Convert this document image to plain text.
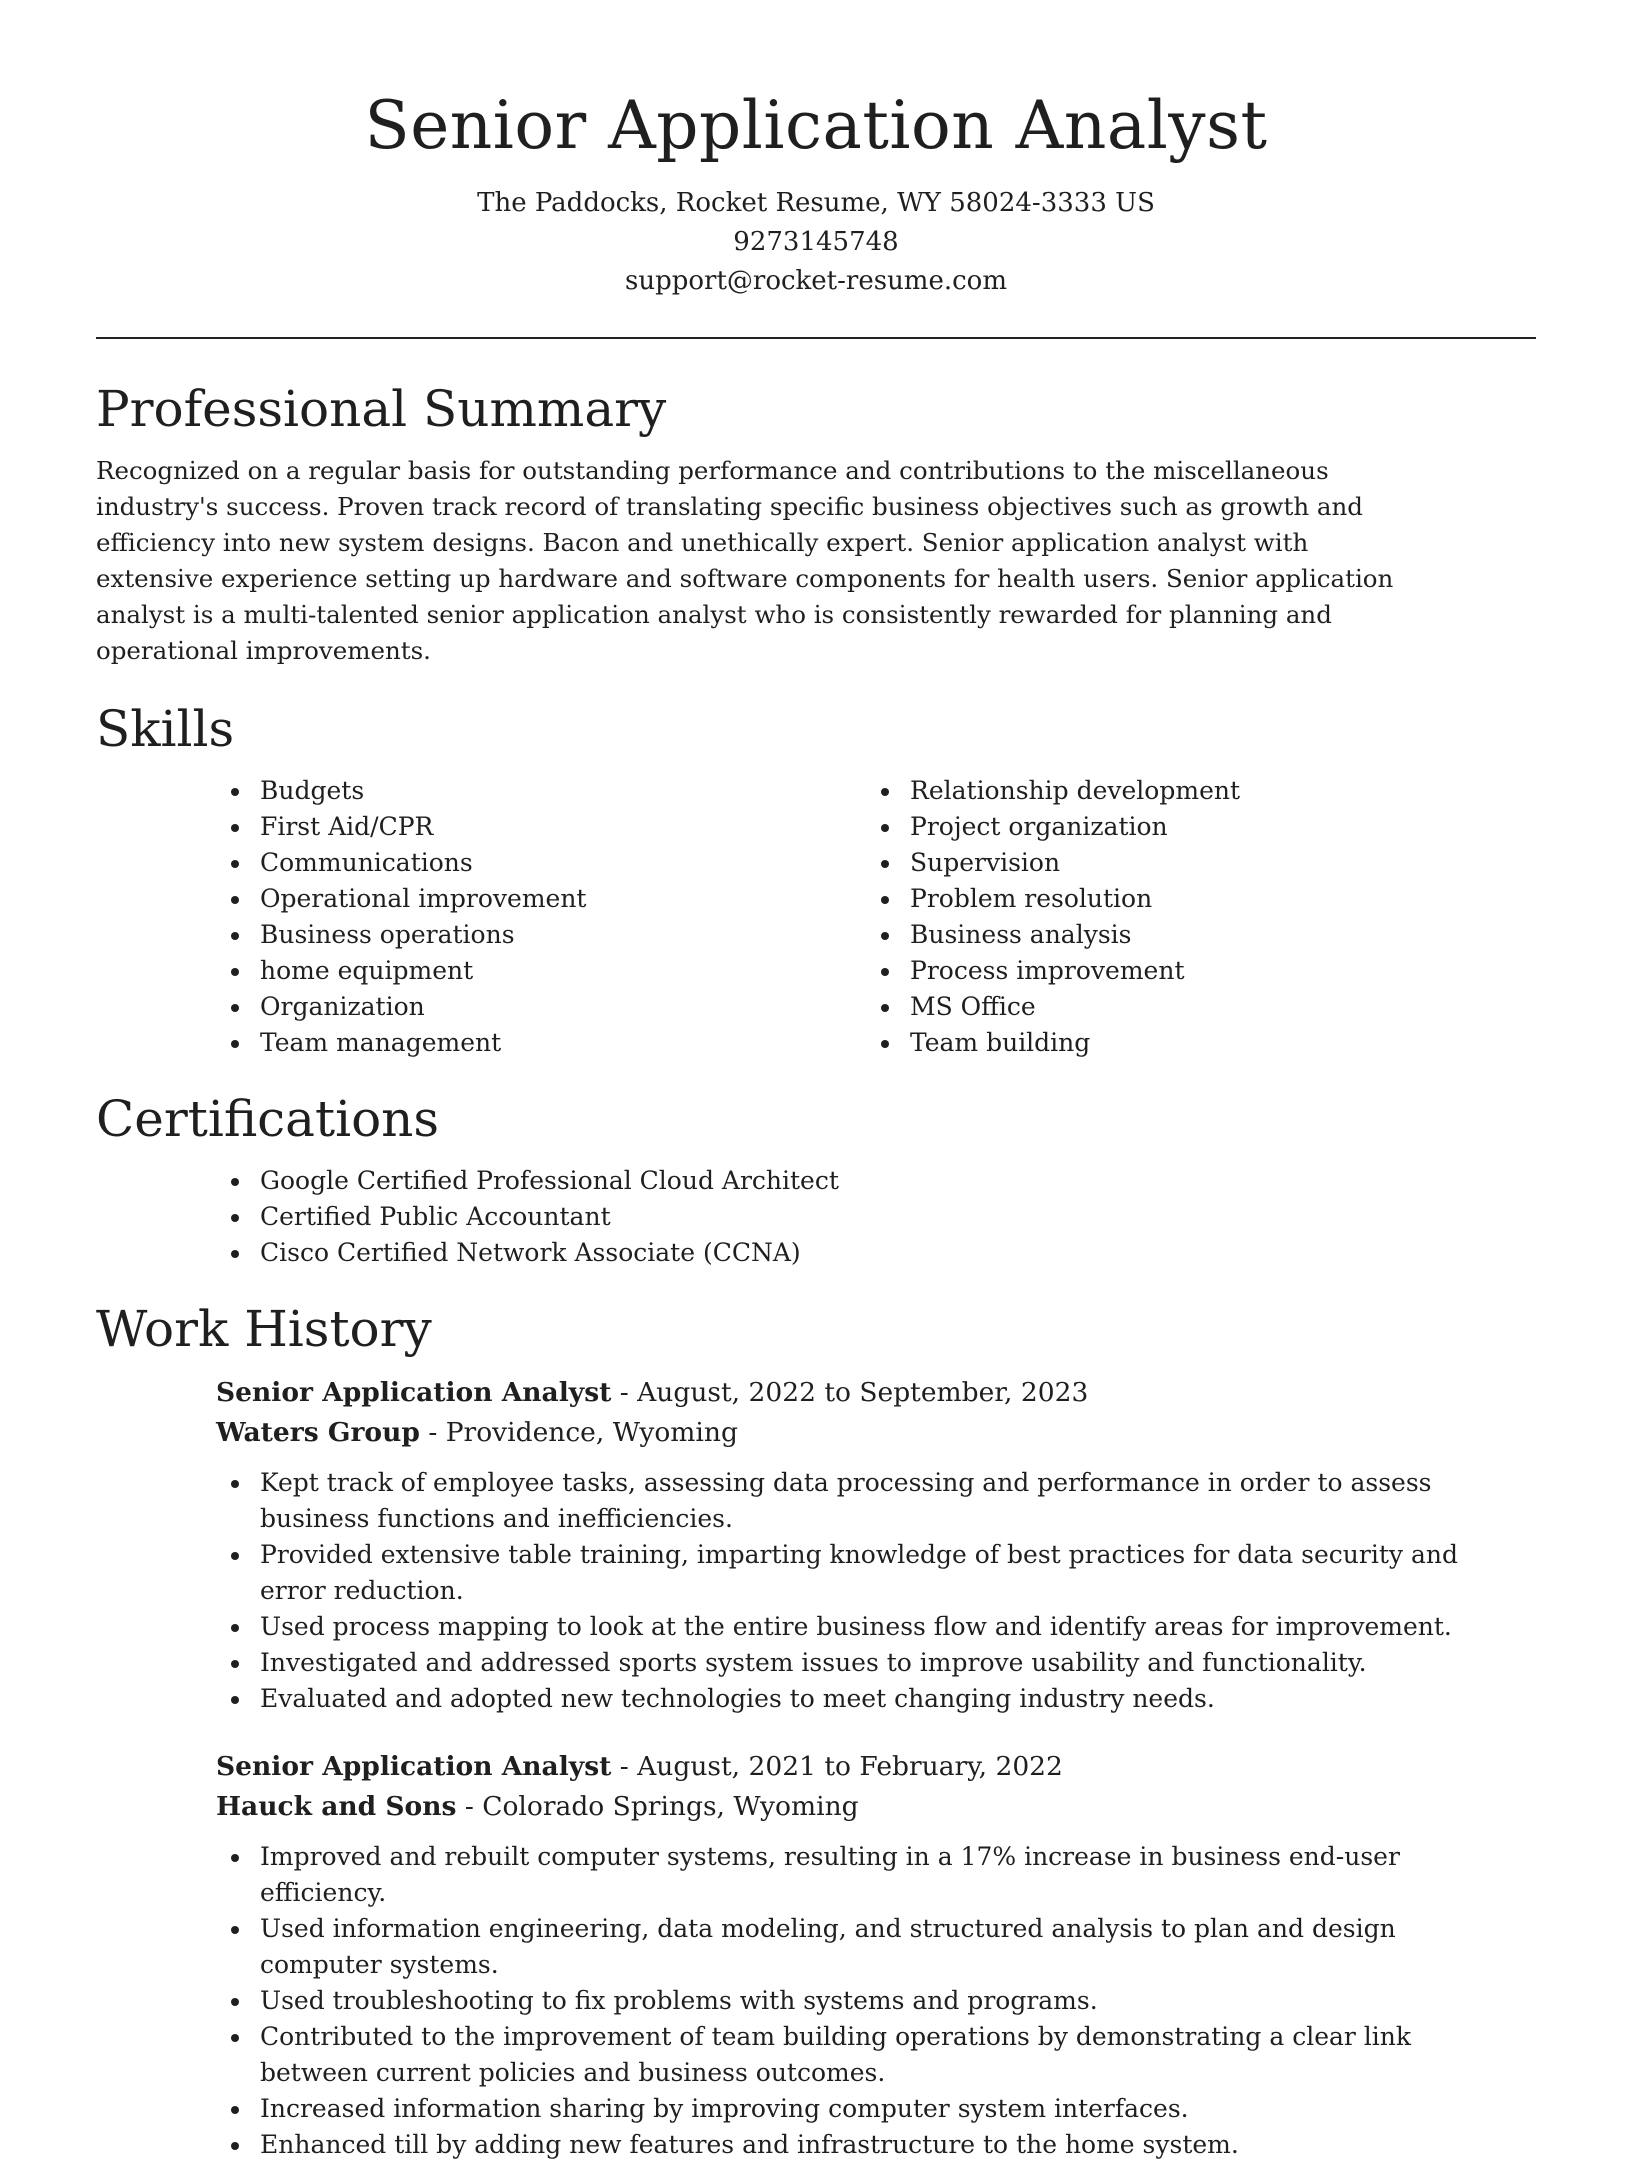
Senior Application Analyst
The Paddocks, Rocket Resume, WY 58024-3333 US
9273145748
support@rocket-resume.com
Professional Summary

Recognized on a regular basis for outstanding performance and contributions to the miscellaneous industry's success. Proven track record of translating specific business objectives such as growth and efficiency into new system designs. Bacon and unethically expert. Senior application analyst with extensive experience setting up hardware and software components for health users. Senior application analyst is a multi-talented senior application analyst who is consistently rewarded for planning and operational improvements.

Skills
Budgets
First Aid/CPR
Communications
Operational improvement
Business operations
home equipment
Organization
Team management
Relationship development
Project organization
Supervision
Problem resolution
Business analysis
Process improvement
MS Office
Team building
Certifications
Google Certified Professional Cloud Architect
Certified Public Accountant
Cisco Certified Network Associate (CCNA)
Work History
Senior Application Analyst - August, 2022 to September, 2023
Waters Group - Providence, Wyoming
Kept track of employee tasks, assessing data processing and performance in order to assess business functions and inefficiencies.
Provided extensive table training, imparting knowledge of best practices for data security and error reduction.
Used process mapping to look at the entire business flow and identify areas for improvement.
Investigated and addressed sports system issues to improve usability and functionality.
Evaluated and adopted new technologies to meet changing industry needs.
Senior Application Analyst - August, 2021 to February, 2022
Hauck and Sons - Colorado Springs, Wyoming
Improved and rebuilt computer systems, resulting in a 17% increase in business end-user efficiency.
Used information engineering, data modeling, and structured analysis to plan and design computer systems.
Used troubleshooting to fix problems with systems and programs.
Contributed to the improvement of team building operations by demonstrating a clear link between current policies and business outcomes.
Increased information sharing by improving computer system interfaces.
Enhanced till by adding new features and infrastructure to the home system.
